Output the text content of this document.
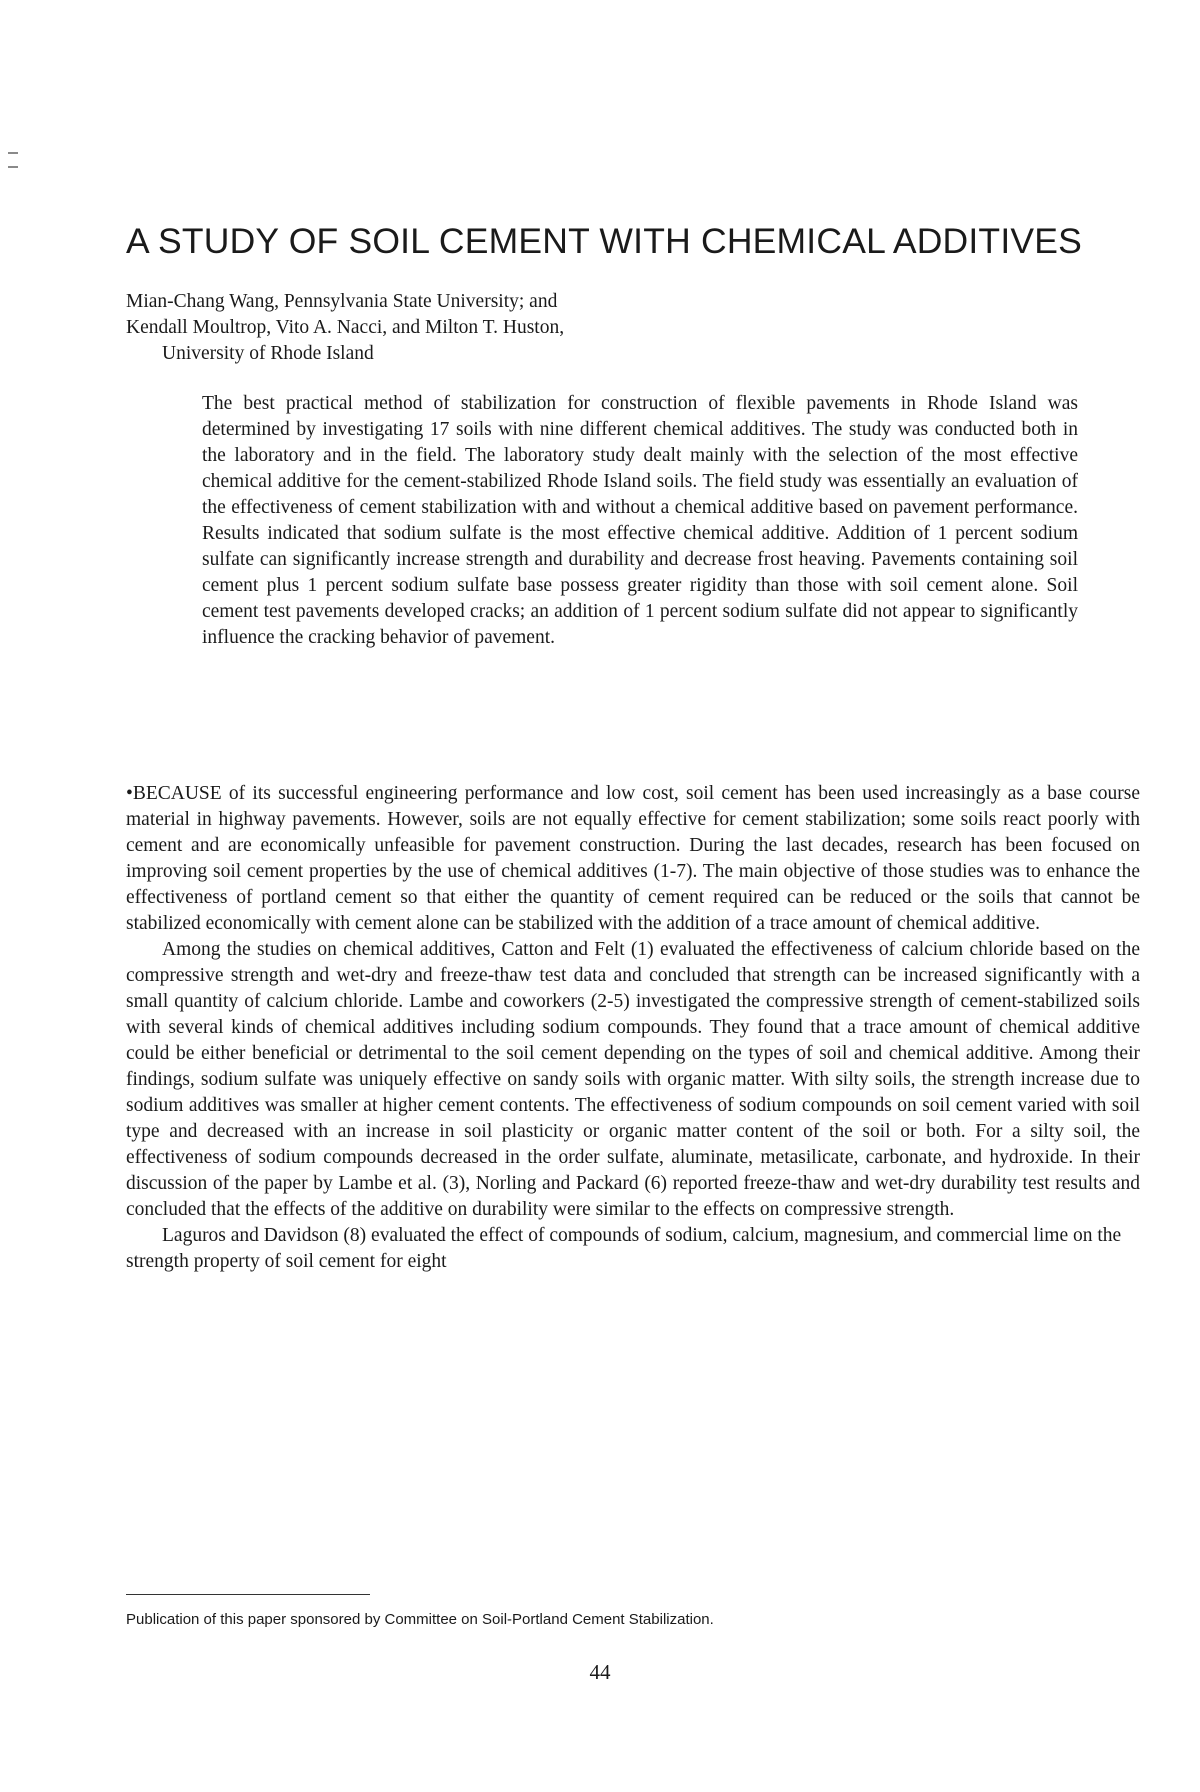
A STUDY OF SOIL CEMENT WITH CHEMICAL ADDITIVES
Mian-Chang Wang, Pennsylvania State University; and
Kendall Moultrop, Vito A. Nacci, and Milton T. Huston,
University of Rhode Island

The best practical method of stabilization for construction of flexible pavements in Rhode Island was determined by investigating 17 soils with nine different chemical additives. The study was conducted both in the laboratory and in the field. The laboratory study dealt mainly with the selection of the most effective chemical additive for the cement-stabilized Rhode Island soils. The field study was essentially an evaluation of the effectiveness of cement stabilization with and without a chemical additive based on pavement performance. Results indicated that sodium sulfate is the most effective chemical additive. Addition of 1 percent sodium sulfate can significantly increase strength and durability and decrease frost heaving. Pavements containing soil cement plus 1 percent sodium sulfate base possess greater rigidity than those with soil cement alone. Soil cement test pavements developed cracks; an addition of 1 percent sodium sulfate did not appear to significantly influence the cracking behavior of pavement.

•BECAUSE of its successful engineering performance and low cost, soil cement has been used increasingly as a base course material in highway pavements. However, soils are not equally effective for cement stabilization; some soils react poorly with cement and are economically unfeasible for pavement construction. During the last decades, research has been focused on improving soil cement properties by the use of chemical additives (1-7). The main objective of those studies was to enhance the effectiveness of portland cement so that either the quantity of cement required can be reduced or the soils that cannot be stabilized economically with cement alone can be stabilized with the addition of a trace amount of chemical additive.

Among the studies on chemical additives, Catton and Felt (1) evaluated the effectiveness of calcium chloride based on the compressive strength and wet-dry and freeze-thaw test data and concluded that strength can be increased significantly with a small quantity of calcium chloride. Lambe and coworkers (2-5) investigated the compressive strength of cement-stabilized soils with several kinds of chemical additives including sodium compounds. They found that a trace amount of chemical additive could be either beneficial or detrimental to the soil cement depending on the types of soil and chemical additive. Among their findings, sodium sulfate was uniquely effective on sandy soils with organic matter. With silty soils, the strength increase due to sodium additives was smaller at higher cement contents. The effectiveness of sodium compounds on soil cement varied with soil type and decreased with an increase in soil plasticity or organic matter content of the soil or both. For a silty soil, the effectiveness of sodium compounds decreased in the order sulfate, aluminate, metasilicate, carbonate, and hydroxide. In their discussion of the paper by Lambe et al. (3), Norling and Packard (6) reported freeze-thaw and wet-dry durability test results and concluded that the effects of the additive on durability were similar to the effects on compressive strength.

Laguros and Davidson (8) evaluated the effect of compounds of sodium, calcium, magnesium, and commercial lime on the strength property of soil cement for eight

Publication of this paper sponsored by Committee on Soil-Portland Cement Stabilization.
44
